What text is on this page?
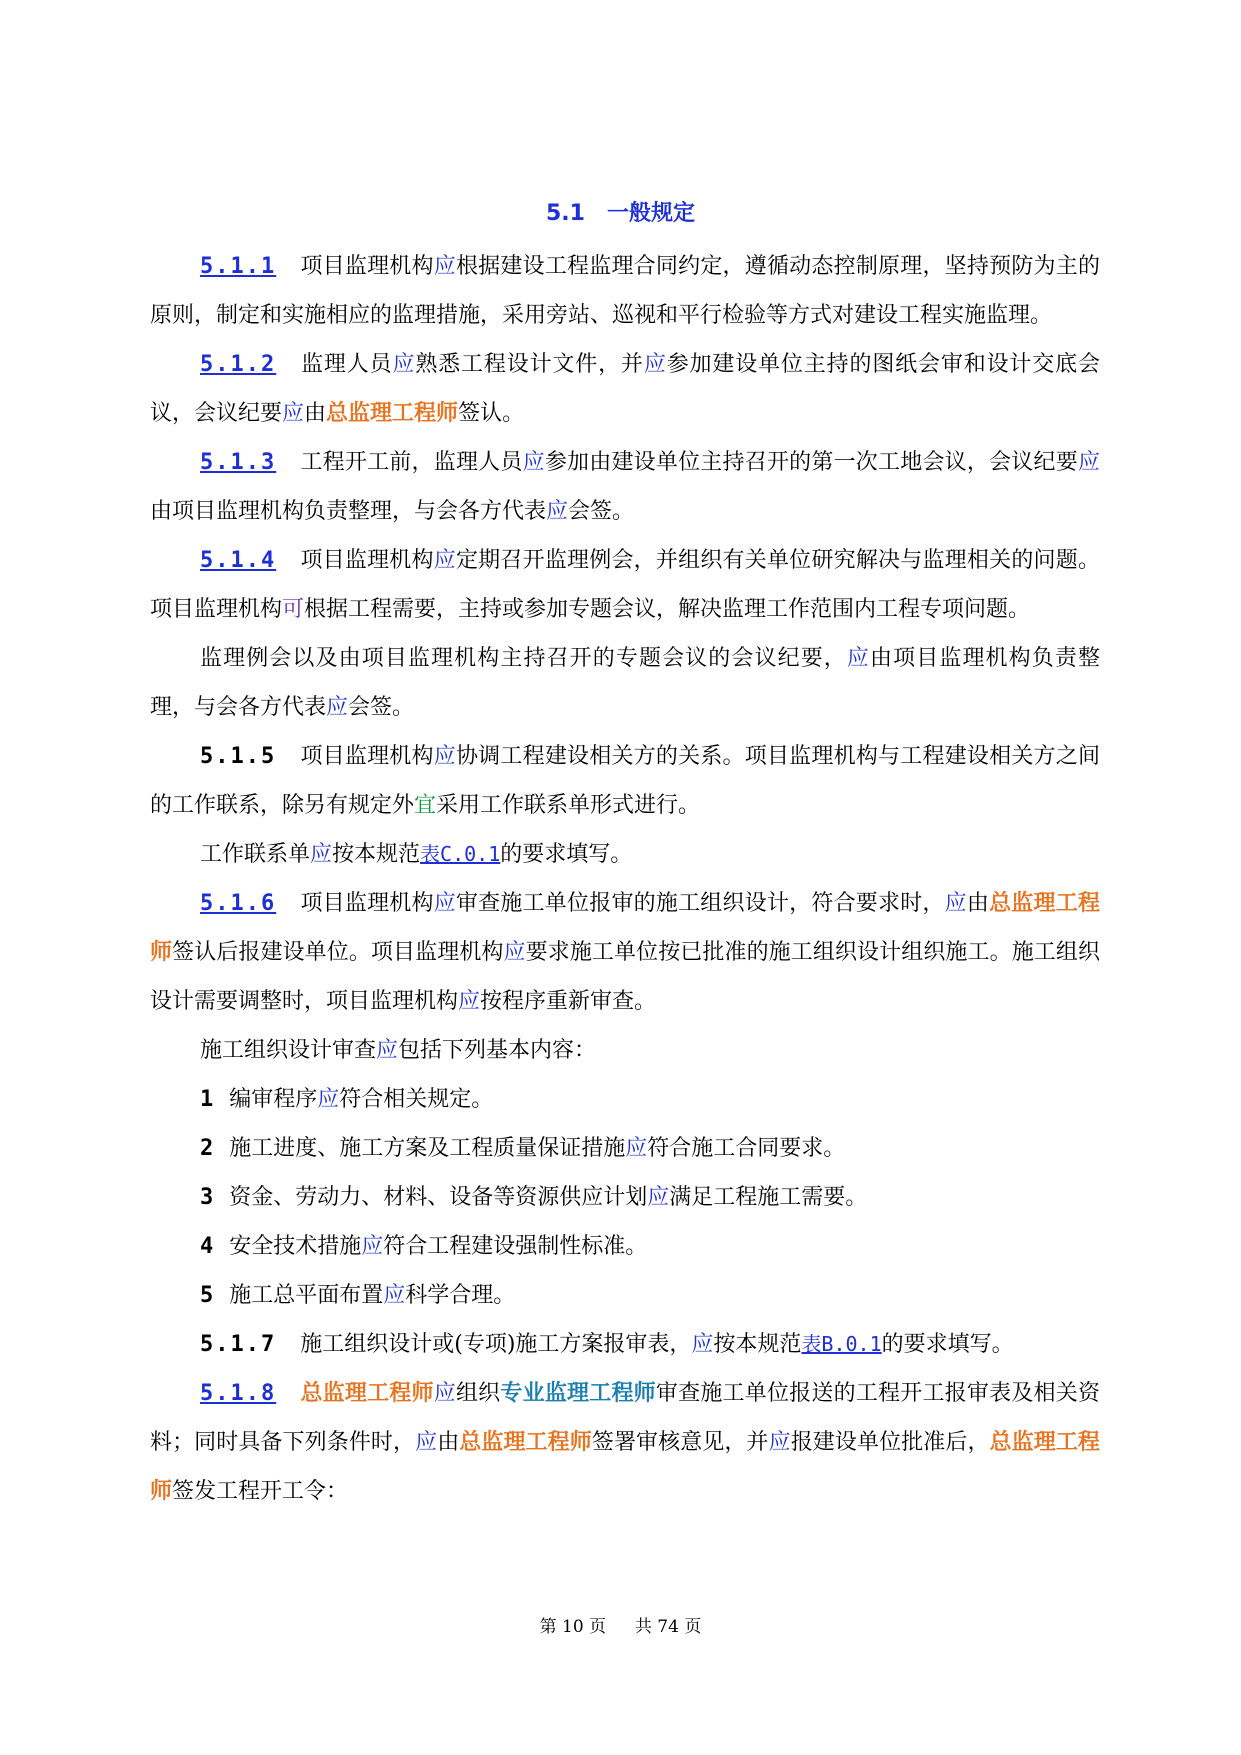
5.1　一般规定

5.1.1 项目监理机构应根据建设工程监理合同约定，遵循动态控制原理，坚持预防为主的原则，制定和实施相应的监理措施，采用旁站、巡视和平行检验等方式对建设工程实施监理。

5.1.2 监理人员应熟悉工程设计文件，并应参加建设单位主持的图纸会审和设计交底会议，会议纪要应由总监理工程师签认。

5.1.3 工程开工前，监理人员应参加由建设单位主持召开的第一次工地会议，会议纪要应由项目监理机构负责整理，与会各方代表应会签。

5.1.4 项目监理机构应定期召开监理例会，并组织有关单位研究解决与监理相关的问题。项目监理机构可根据工程需要，主持或参加专题会议，解决监理工作范围内工程专项问题。

监理例会以及由项目监理机构主持召开的专题会议的会议纪要，应由项目监理机构负责整理，与会各方代表应会签。

5.1.5 项目监理机构应协调工程建设相关方的关系。项目监理机构与工程建设相关方之间的工作联系，除另有规定外宜采用工作联系单形式进行。

工作联系单应按本规范表C.0.1的要求填写。

5.1.6 项目监理机构应审查施工单位报审的施工组织设计，符合要求时，应由总监理工程师签认后报建设单位。项目监理机构应要求施工单位按已批准的施工组织设计组织施工。施工组织设计需要调整时，项目监理机构应按程序重新审查。

施工组织设计审查应包括下列基本内容：

1 编审程序应符合相关规定。

2 施工进度、施工方案及工程质量保证措施应符合施工合同要求。

3 资金、劳动力、材料、设备等资源供应计划应满足工程施工需要。

4 安全技术措施应符合工程建设强制性标准。

5 施工总平面布置应科学合理。

5.1.7 施工组织设计或(专项)施工方案报审表，应按本规范表B.0.1的要求填写。

5.1.8 总监理工程师应组织专业监理工程师审查施工单位报送的工程开工报审表及相关资料；同时具备下列条件时，应由总监理工程师签署审核意见，并应报建设单位批准后，总监理工程师签发工程开工令：

第 10 页 共 74 页
